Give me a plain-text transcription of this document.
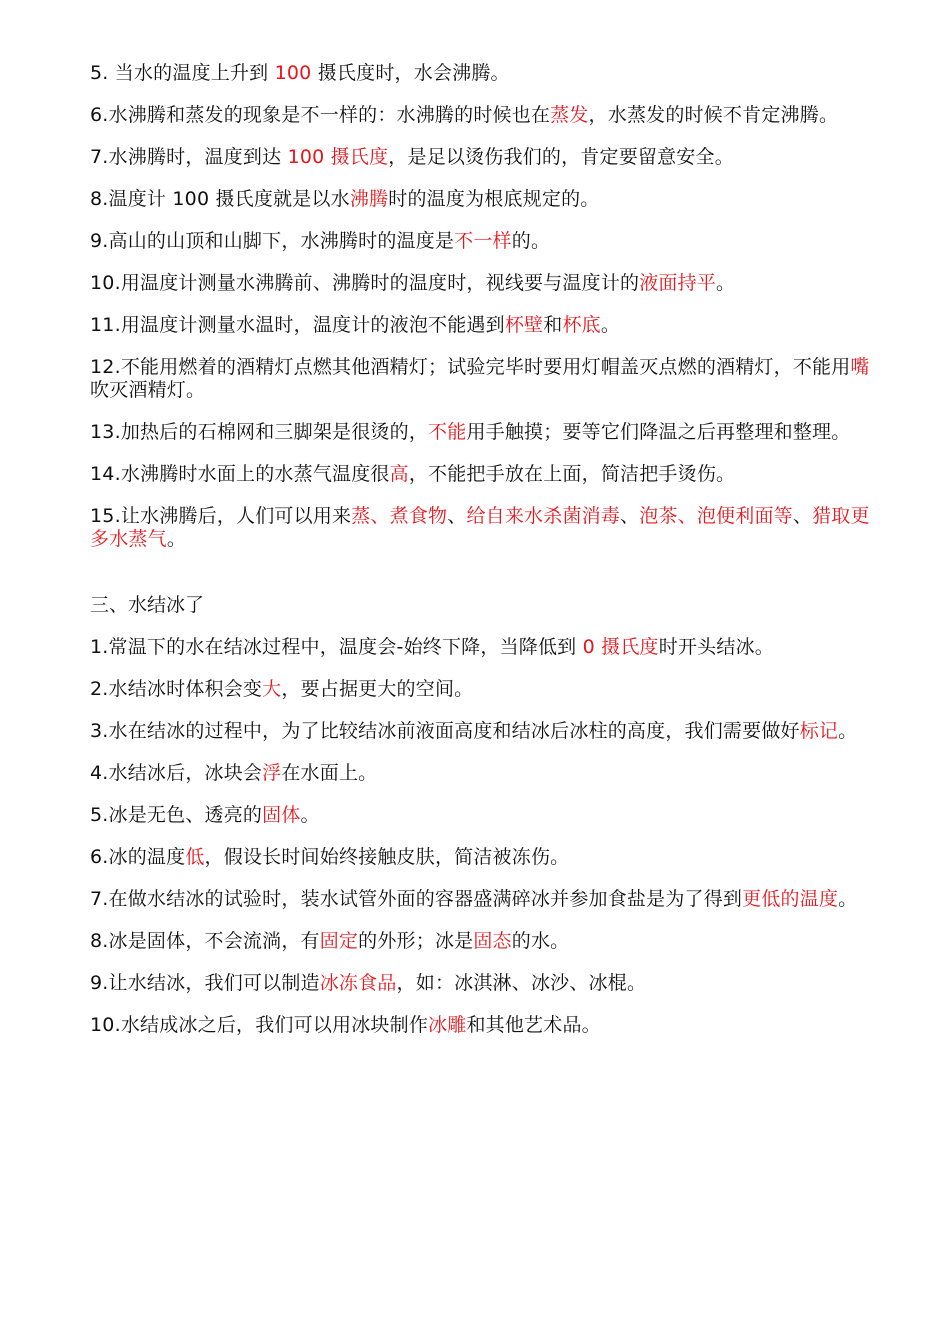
5. 当水的温度上升到 100 摄氏度时，水会沸腾。
6.水沸腾和蒸发的现象是不一样的：水沸腾的时候也在蒸发，水蒸发的时候不肯定沸腾。
7.水沸腾时，温度到达 100 摄氏度，是足以烫伤我们的，肯定要留意安全。
8.温度计 100 摄氏度就是以水沸腾时的温度为根底规定的。
9.高山的山顶和山脚下，水沸腾时的温度是不一样的。
10.用温度计测量水沸腾前、沸腾时的温度时，视线要与温度计的液面持平。
11.用温度计测量水温时，温度计的液泡不能遇到杯壁和杯底。
12.不能用燃着的酒精灯点燃其他酒精灯；试验完毕时要用灯帽盖灭点燃的酒精灯，不能用嘴吹灭酒精灯。
13.加热后的石棉网和三脚架是很烫的，不能用手触摸；要等它们降温之后再整理和整理。
14.水沸腾时水面上的水蒸气温度很高，不能把手放在上面，简洁把手烫伤。
15.让水沸腾后，人们可以用来蒸、煮食物、给自来水杀菌消毒、泡茶、泡便利面等、猎取更多水蒸气。
三、水结冰了
1.常温下的水在结冰过程中，温度会-始终下降，当降低到 0 摄氏度时开头结冰。
2.水结冰时体积会变大，要占据更大的空间。
3.水在结冰的过程中，为了比较结冰前液面高度和结冰后冰柱的高度，我们需要做好标记。
4.水结冰后，冰块会浮在水面上。
5.冰是无色、透亮的固体。
6.冰的温度低，假设长时间始终接触皮肤，简洁被冻伤。
7.在做水结冰的试验时，装水试管外面的容器盛满碎冰并参加食盐是为了得到更低的温度。
8.冰是固体，不会流淌，有固定的外形；冰是固态的水。
9.让水结冰，我们可以制造冰冻食品，如：冰淇淋、冰沙、冰棍。
10.水结成冰之后，我们可以用冰块制作冰雕和其他艺术品。
